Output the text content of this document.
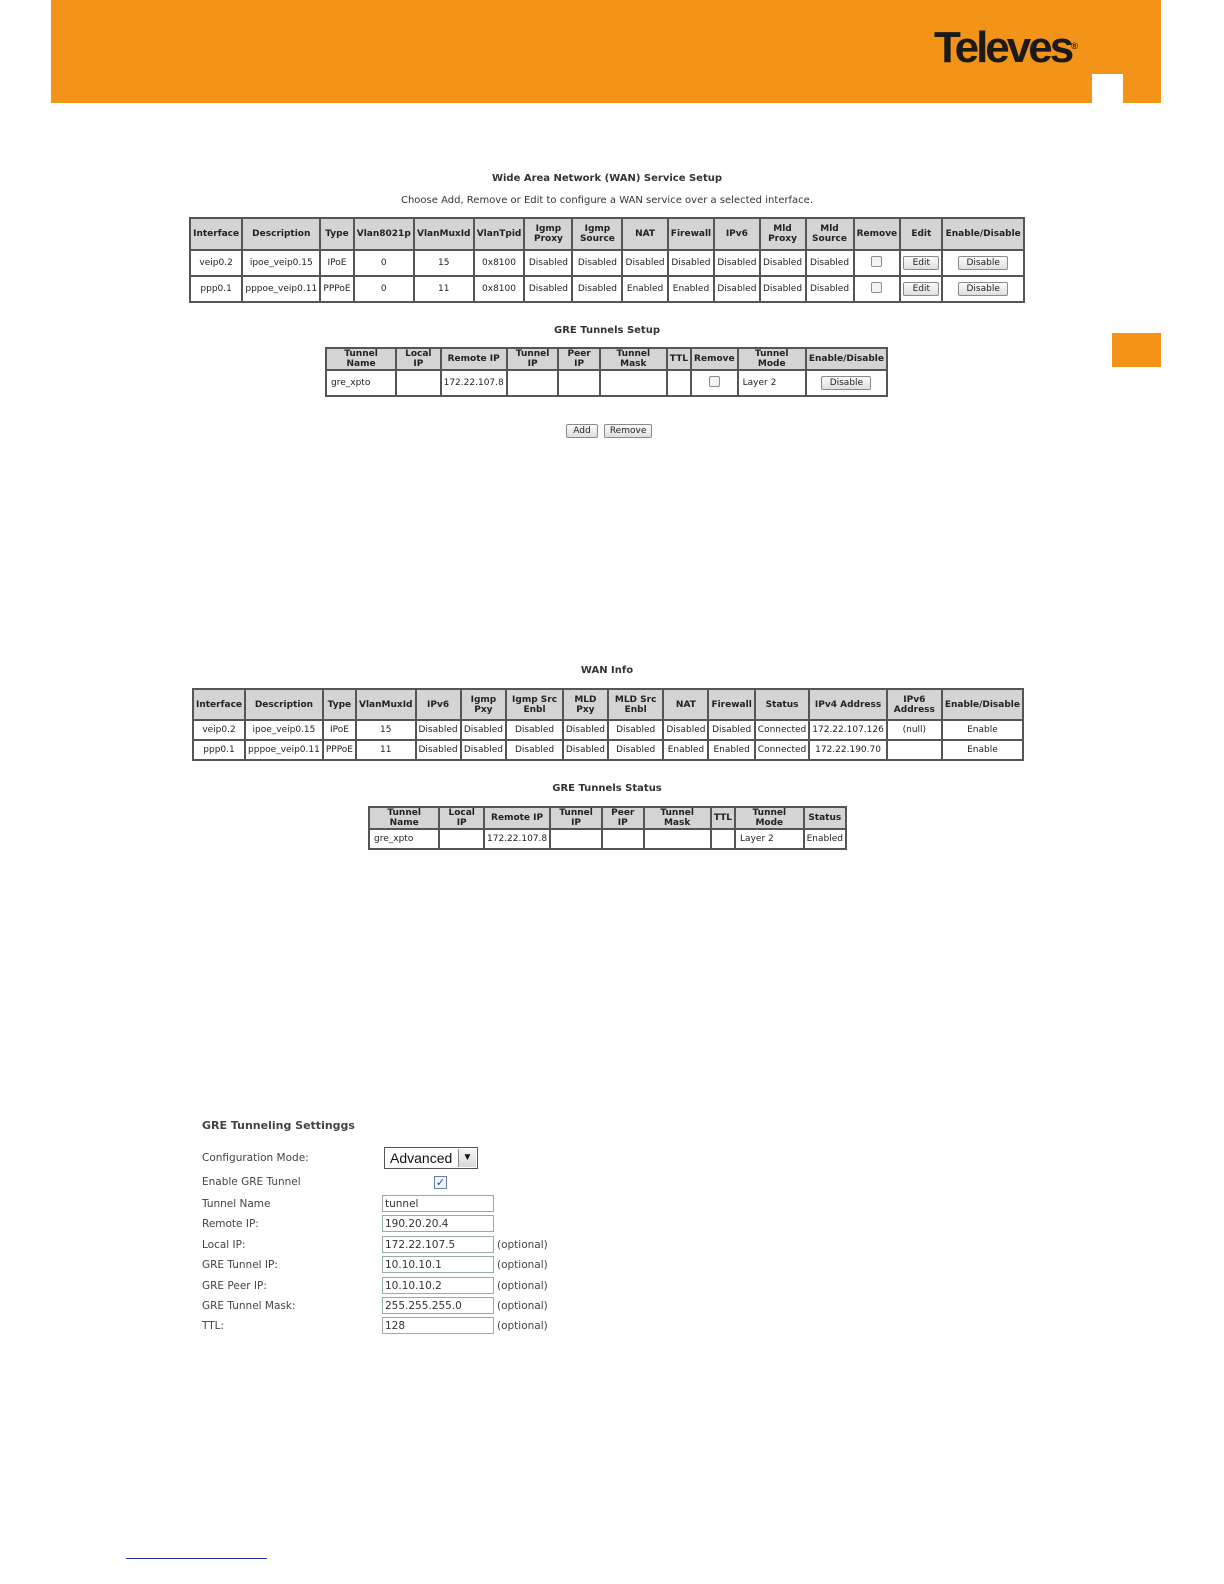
Televes®
Wide Area Network (WAN) Service Setup
Choose Add, Remove or Edit to configure a WAN service over a selected interface.
Interface	Description	Type	Vlan8021p	VlanMuxId	VlanTpid	Igmp Proxy	Igmp Source	NAT	Firewall	IPv6	Mld Proxy	Mld Source	Remove	Edit	Enable/Disable
veip0.2	ipoe_veip0.15	IPoE	0	15	0x8100	Disabled	Disabled	Disabled	Disabled	Disabled	Disabled	Disabled		Edit	Disable
ppp0.1	pppoe_veip0.11	PPPoE	0	11	0x8100	Disabled	Disabled	Enabled	Enabled	Disabled	Disabled	Disabled		Edit	Disable
GRE Tunnels Setup
Tunnel Name	Local IP	Remote IP	Tunnel IP	Peer IP	Tunnel Mask	TTL	Remove	Tunnel Mode	Enable/Disable
gre_xpto		172.22.107.8						Layer 2	Disable
Add Remove
WAN Info
Interface	Description	Type	VlanMuxId	IPv6	Igmp Pxy	Igmp Src Enbl	MLD Pxy	MLD Src Enbl	NAT	Firewall	Status	IPv4 Address	IPv6 Address	Enable/Disable
veip0.2	ipoe_veip0.15	IPoE	15	Disabled	Disabled	Disabled	Disabled	Disabled	Disabled	Disabled	Connected	172.22.107.126	(null)	Enable
ppp0.1	pppoe_veip0.11	PPPoE	11	Disabled	Disabled	Disabled	Disabled	Disabled	Enabled	Enabled	Connected	172.22.190.70		Enable
GRE Tunnels Status
Tunnel Name	Local IP	Remote IP	Tunnel IP	Peer IP	Tunnel Mask	TTL	Tunnel Mode	Status
gre_xpto		172.22.107.8					Layer 2	Enabled
GRE Tunneling Settinggs
Configuration Mode:	Advanced	▼
Enable GRE Tunnel	✓
Tunnel Name
tunnel
Remote IP:
190.20.20.4
Local IP:
172.22.107.5	(optional)
GRE Tunnel IP:
10.10.10.1	(optional)
GRE Peer IP:
10.10.10.2	(optional)
GRE Tunnel Mask:
255.255.255.0	(optional)
TTL:
128	(optional)
